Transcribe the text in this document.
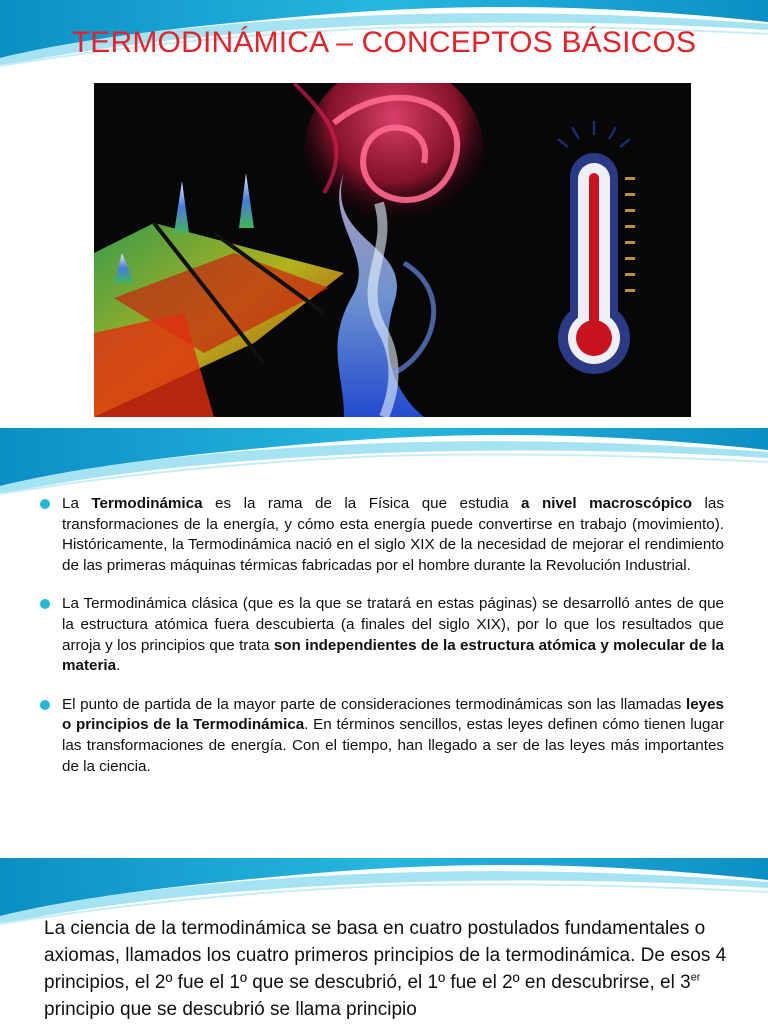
TERMODINÁMICA – CONCEPTOS BÁSICOS
La Termodinámica es la rama de la Física que estudia a nivel macroscópico las transformaciones de la energía, y cómo esta energía puede convertirse en trabajo (movimiento). Históricamente, la Termodinámica nació en el siglo XIX de la necesidad de mejorar el rendimiento de las primeras máquinas térmicas fabricadas por el hombre durante la Revolución Industrial.
La Termodinámica clásica (que es la que se tratará en estas páginas) se desarrolló antes de que la estructura atómica fuera descubierta (a finales del siglo XIX), por lo que los resultados que arroja y los principios que trata son independientes de la estructura atómica y molecular de la materia.
El punto de partida de la mayor parte de consideraciones termodinámicas son las llamadas leyes o principios de la Termodinámica. En términos sencillos, estas leyes definen cómo tienen lugar las transformaciones de energía. Con el tiempo, han llegado a ser de las leyes más importantes de la ciencia.
La ciencia de la termodinámica se basa en cuatro postulados fundamentales o axiomas, llamados los cuatro primeros principios de la termodinámica. De esos 4 principios, el 2º fue el 1º que se descubrió, el 1º fue el 2º en descubrirse, el 3er principio que se descubrió se llama principio
